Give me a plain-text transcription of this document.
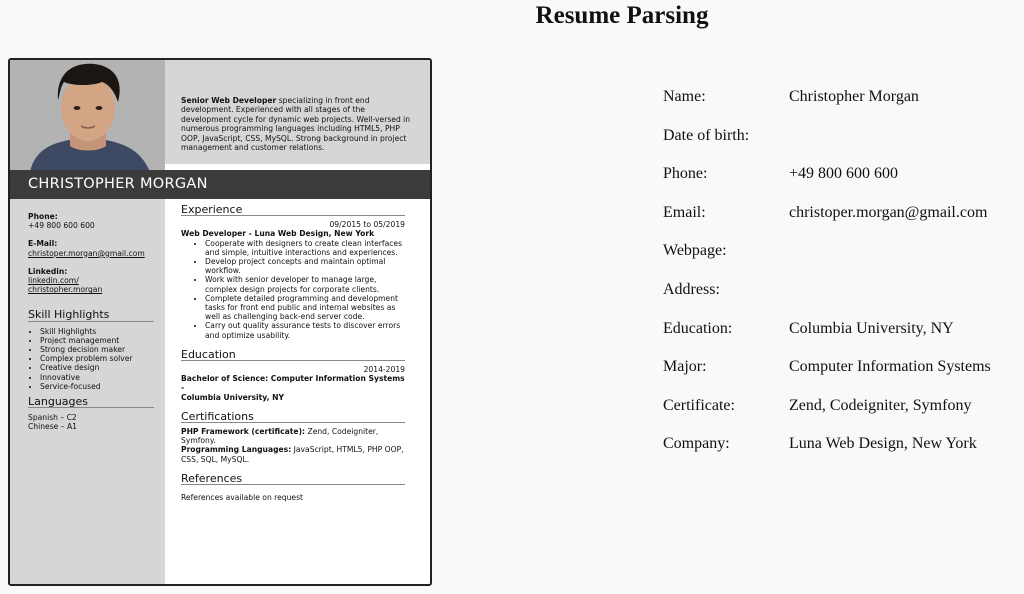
Resume Parsing

Senior Web Developer specializing in front end development. Experienced with all stages of the development cycle for dynamic web projects. Well-versed in numerous programming languages including HTML5, PHP OOP, JavaScript, CSS, MySQL. Strong background in project management and customer relations.

CHRISTOPHER MORGAN
Phone:
+49 800 600 600
E-Mail:
christoper.morgan@gmail.com
Linkedin:
linkedin.com/
christopher.morgan
Skill Highlights
• Skill Highlights
• Project management
• Strong decision maker
• Complex problem solver
• Creative design
• Innovative
• Service-focused
Languages
Spanish – C2
Chinese – A1
Experience
09/2015 to 05/2019
Web Developer - Luna Web Design, New York
• Cooperate with designers to create clean interfaces and simple, intuitive interactions and experiences.
• Develop project concepts and maintain optimal workflow.
• Work with senior developer to manage large, complex design projects for corporate clients.
• Complete detailed programming and development tasks for front end public and internal websites as well as challenging back-end server code.
• Carry out quality assurance tests to discover errors and optimize usability.
Education
2014-2019
Bachelor of Science: Computer Information Systems -
Columbia University, NY
Certifications
PHP Framework (certificate): Zend, Codeigniter, Symfony.
Programming Languages: JavaScript, HTML5, PHP OOP, CSS, SQL, MySQL.
References
References available on request
Name:	Christopher Morgan
Date of birth:
Phone:	+49 800 600 600
Email:	christoper.morgan@gmail.com
Webpage:
Address:
Education:	Columbia University, NY
Major:	Computer Information Systems
Certificate:	Zend, Codeigniter, Symfony
Company:	Luna Web Design, New York
